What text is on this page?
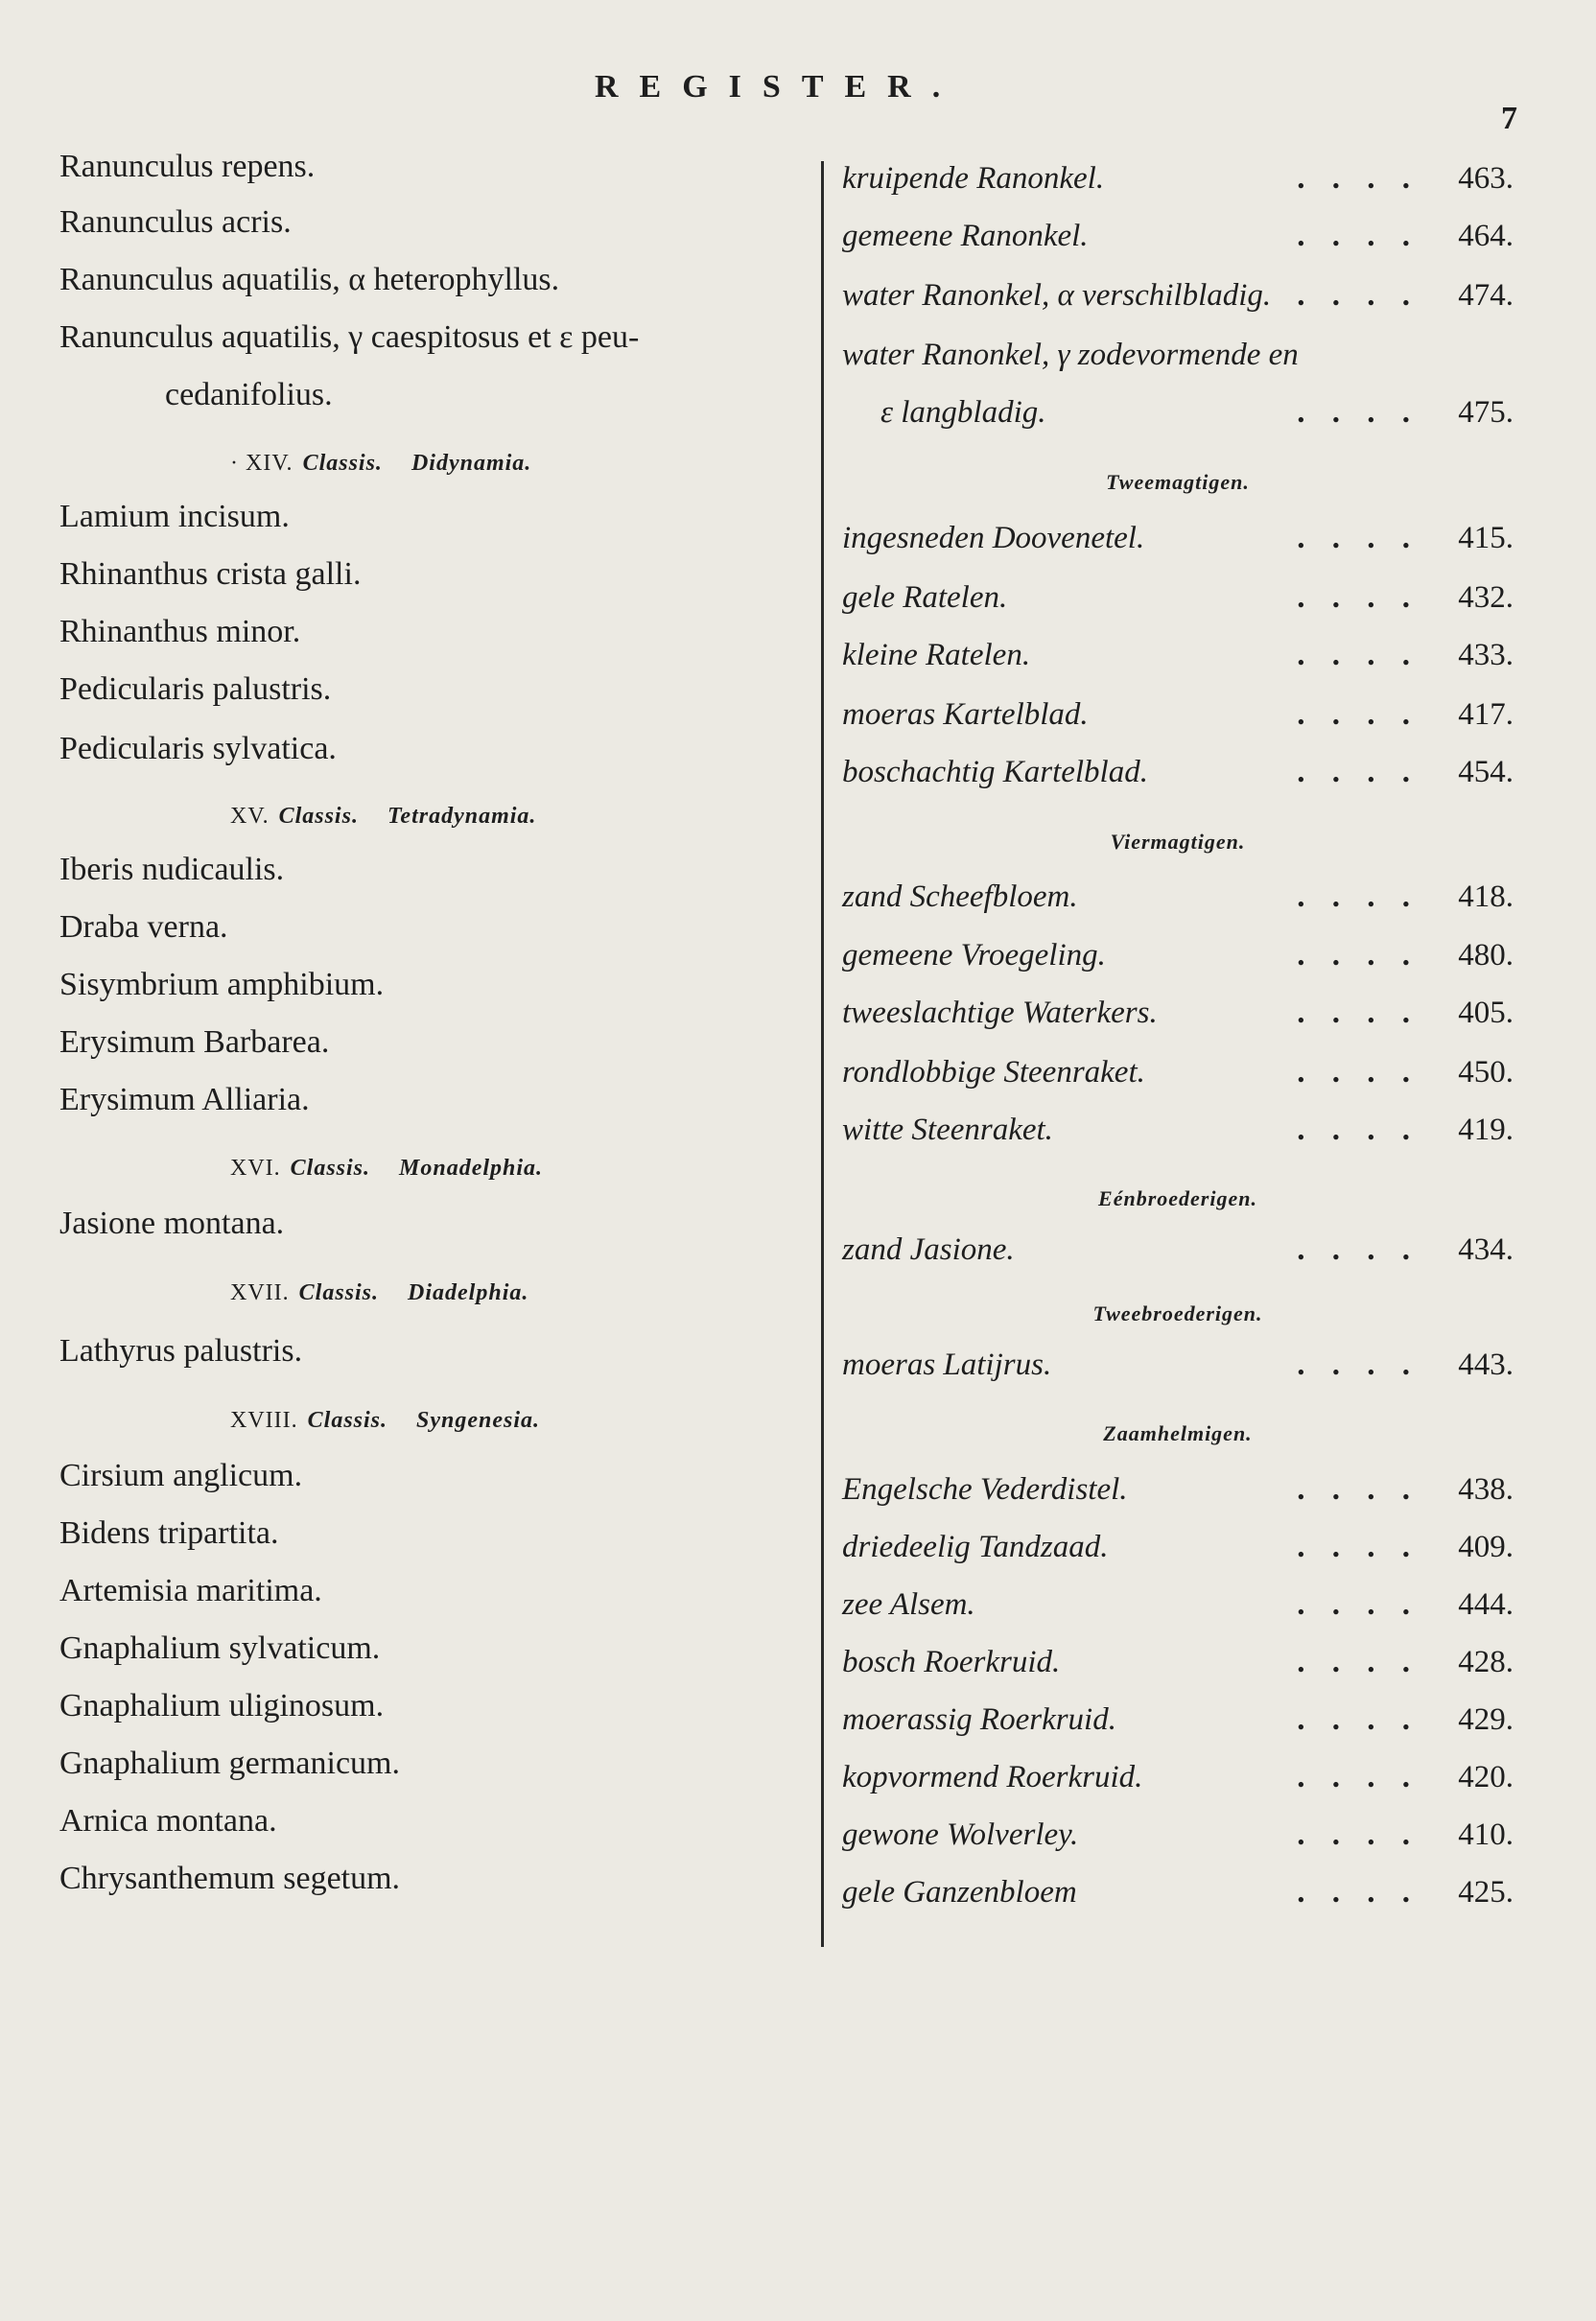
REGISTER.
7
Ranunculus repens.
Ranunculus acris.
Ranunculus aquatilis, α heterophyllus.
Ranunculus aquatilis, γ caespitosus et ε peu-
cedanifolius.
· XIV. Classis. Didynamia.
Lamium incisum.
Rhinanthus crista galli.
Rhinanthus minor.
Pedicularis palustris.
Pedicularis sylvatica.
XV. Classis. Tetradynamia.
Iberis nudicaulis.
Draba verna.
Sisymbrium amphibium.
Erysimum Barbarea.
Erysimum Alliaria.
XVI. Classis. Monadelphia.
Jasione montana.
XVII. Classis. Diadelphia.
Lathyrus palustris.
XVIII. Classis. Syngenesia.
Cirsium anglicum.
Bidens tripartita.
Artemisia maritima.
Gnaphalium sylvaticum.
Gnaphalium uliginosum.
Gnaphalium germanicum.
Arnica montana.
Chrysanthemum segetum.
kruipende Ranonkel.	. . . . 463.
gemeene Ranonkel.	. . . . 464.
water Ranonkel, α verschilbladig. . . . . 474.
water Ranonkel, γ zodevormende en
ε langbladig.	. . . . 475.
Tweemagtigen.
ingesneden Doovenetel.	. . . . 415.
gele Ratelen.	. . . . 432.
kleine Ratelen.	. . . . 433.
moeras Kartelblad.	. . . . 417.
boschachtig Kartelblad.	. . . . 454.
Viermagtigen.
zand Scheefbloem.	. . . . 418.
gemeene Vroegeling.	. . . . 480.
tweeslachtige Waterkers.	. . . . 405.
rondlobbige Steenraket.	. . . . 450.
witte Steenraket.	. . . . 419.
Eénbroederigen.
zand Jasione.	. . . . 434.
Tweebroederigen.
moeras Latijrus.	. . . . 443.
Zaamhelmigen.
Engelsche Vederdistel.	. . . . 438.
driedeelig Tandzaad.	. . . . 409.
zee Alsem.	. . . . 444.
bosch Roerkruid.	. . . . 428.
moerassig Roerkruid.	. . . . 429.
kopvormend Roerkruid.	. . . . 420.
gewone Wolverley.	. . . . 410.
gele Ganzenbloem	. . . . 425.
